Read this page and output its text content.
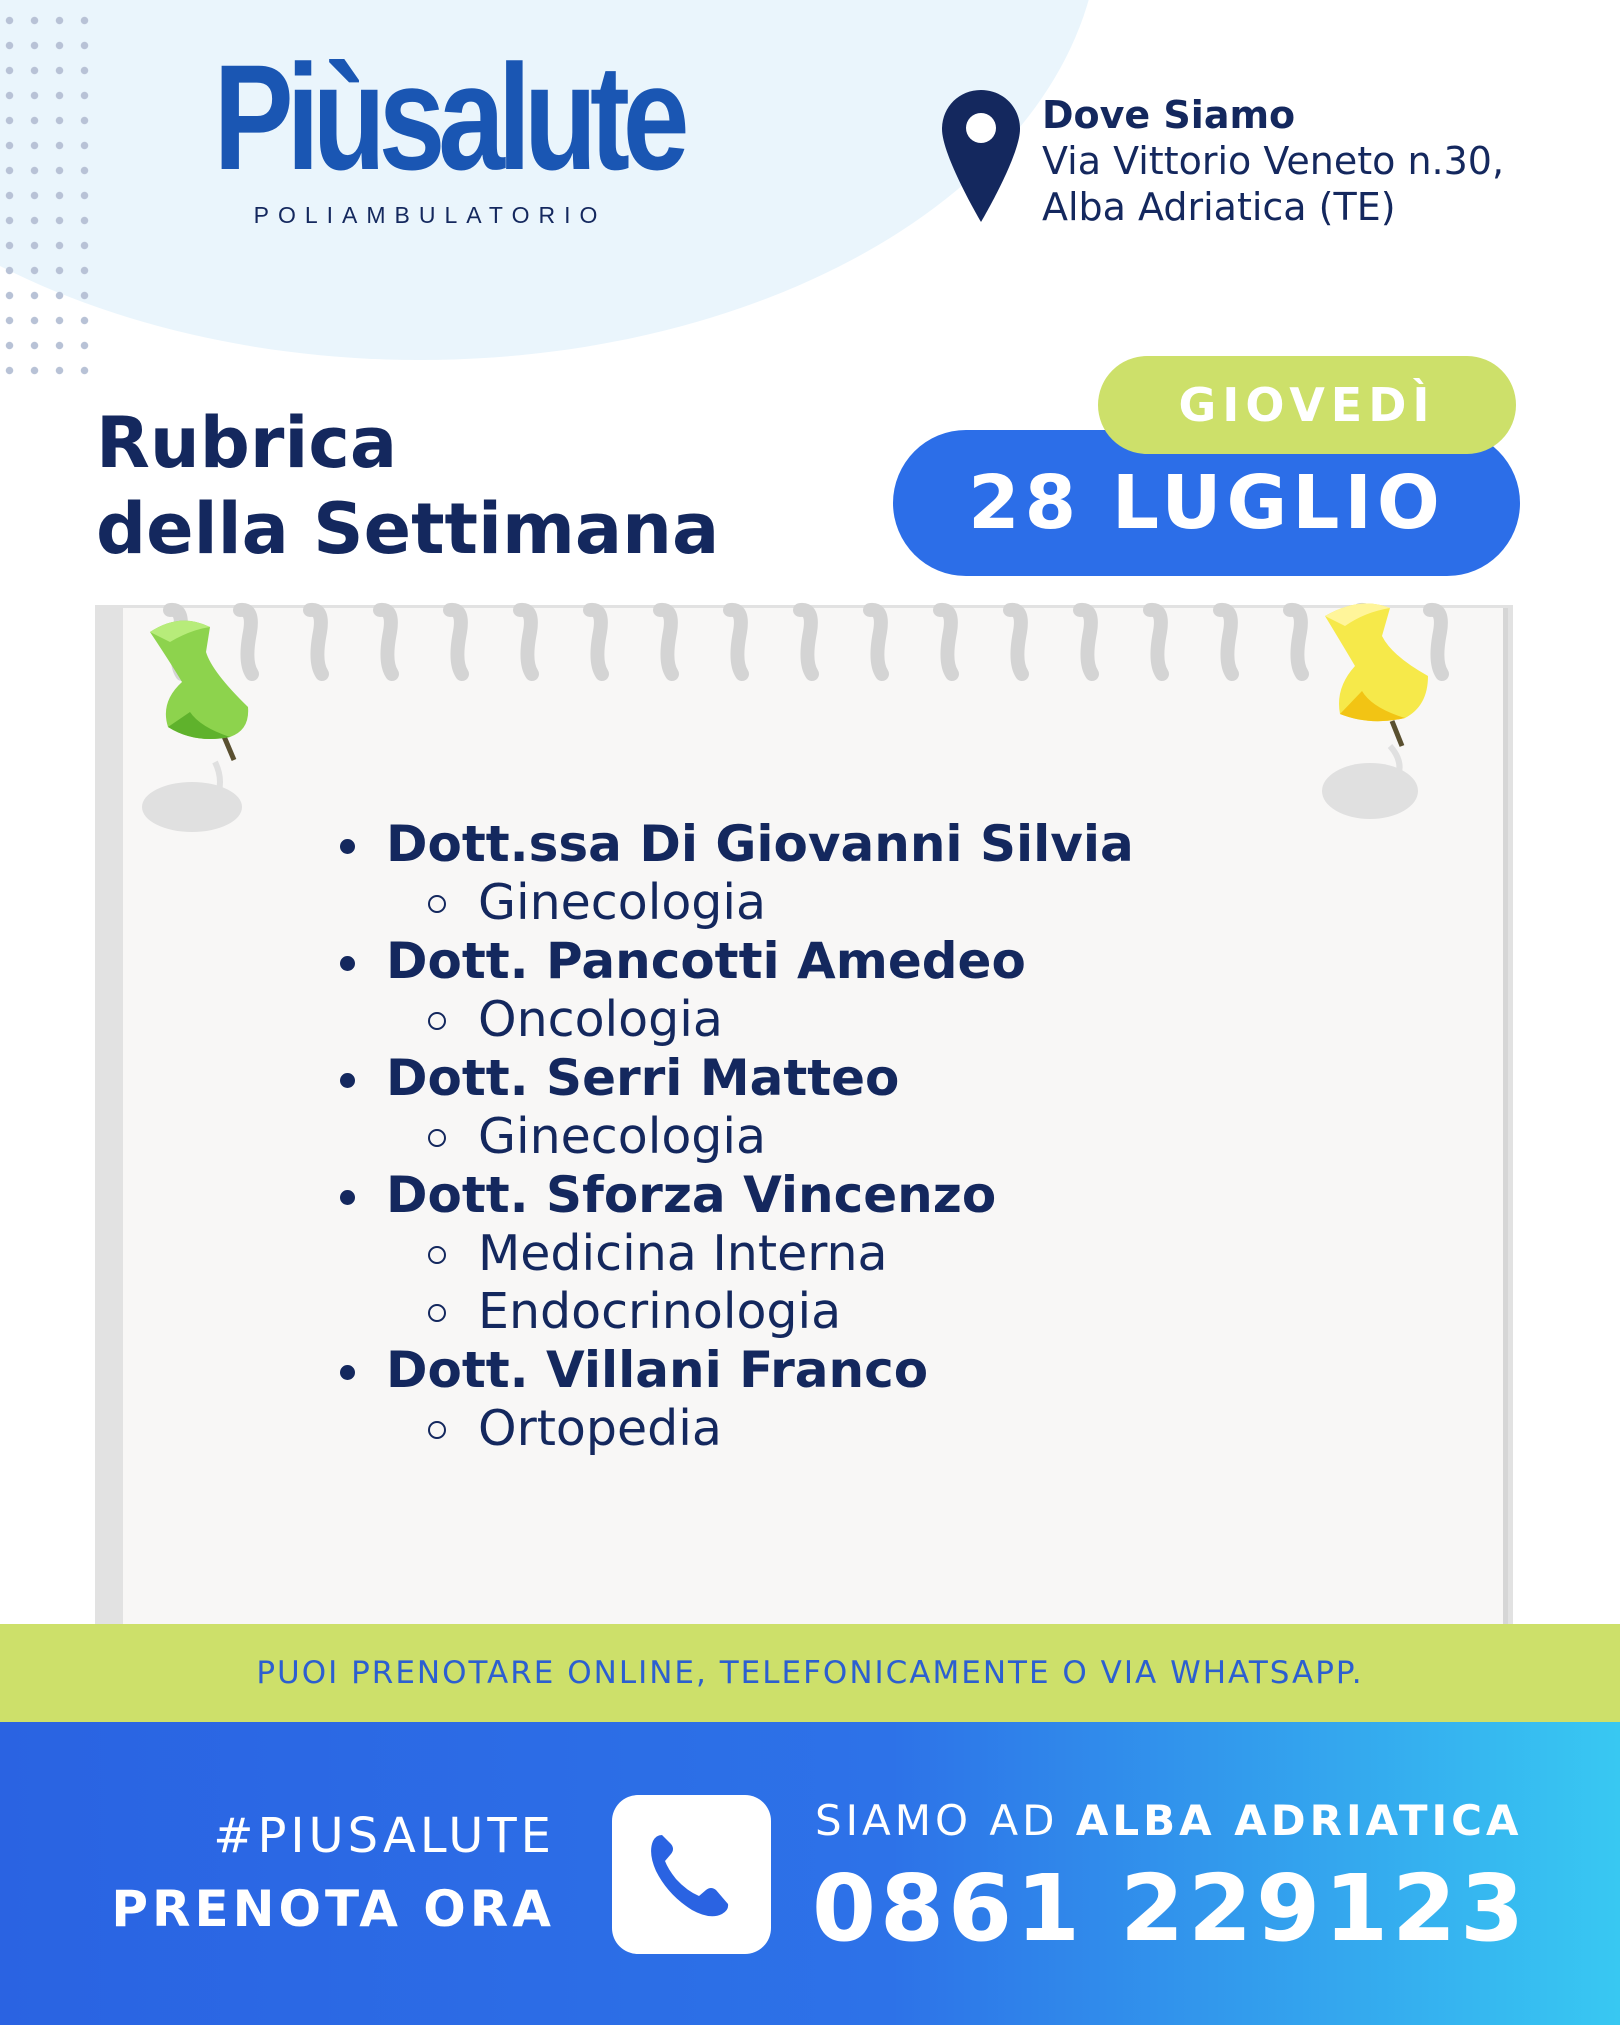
Piùsalute
POLIAMBULATORIO
Dove Siamo
Via Vittorio Veneto n.30,
Alba Adriatica (TE)
Rubrica
della Settimana	28 LUGLIO
GIOVEDÌ
Dott.ssa Di Giovanni Silvia
Ginecologia
Dott. Pancotti Amedeo
Oncologia
Dott. Serri Matteo
Ginecologia
Dott. Sforza Vincenzo
Medicina Interna
Endocrinologia
Dott. Villani Franco
Ortopedia
PUOI PRENOTARE ONLINE, TELEFONICAMENTE O VIA WHATSAPP.
#PIUSALUTE
PRENOTA ORA
SIAMO AD ALBA ADRIATICA
0861 229123
